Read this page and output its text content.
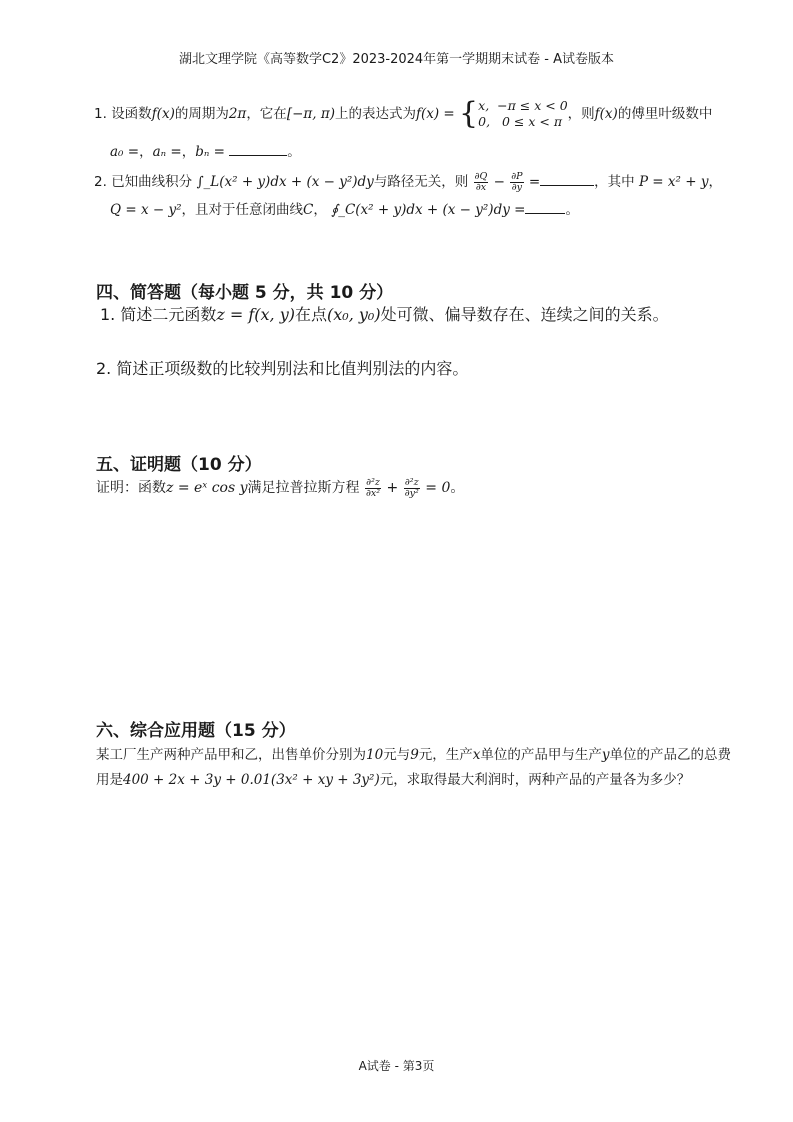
湖北文理学院《高等数学C2》2023-2024年第一学期期末试卷 - A试卷版本
1. 设函数f(x)的周期为2π，它在[−π, π)上的表达式为f(x) = { x, −π ≤ x < 0
0, 0 ≤ x < π ，则f(x)的傅里叶级数中
a₀ =，aₙ =，bₙ =	。
2. 已知曲线积分 ∫_L(x² + y)dx + (x − y²)dy与路径无关，则 $\frac{\partial Q}{\partial x} - \frac{\partial P}{\partial y}$ =	，其中 P = x² + y，
Q = x − y²，且对于任意闭曲线C， ∮_C(x² + y)dx + (x − y²)dy =	。
四、简答题（每小题 5 分，共 10 分）
1. 简述二元函数z = f(x, y)在点(x₀, y₀)处可微、偏导数存在、连续之间的关系。
2. 简述正项级数的比较判别法和比值判别法的内容。
五、证明题（10 分）
证明：函数z = eˣ cos y满足拉普拉斯方程 $\frac{\text{∂²z}}{\text{∂x²}} + \frac{\text{∂²z}}{\text{∂y²}} = 0$。
六、综合应用题（15 分）
某工厂生产两种产品甲和乙，出售单价分别为10元与9元，生产x单位的产品甲与生产y单位的产品乙的总费
用是400 + 2x + 3y + 0.01(3x² + xy + 3y²)元，求取得最大利润时，两种产品的产量各为多少？
A试卷 - 第3页
